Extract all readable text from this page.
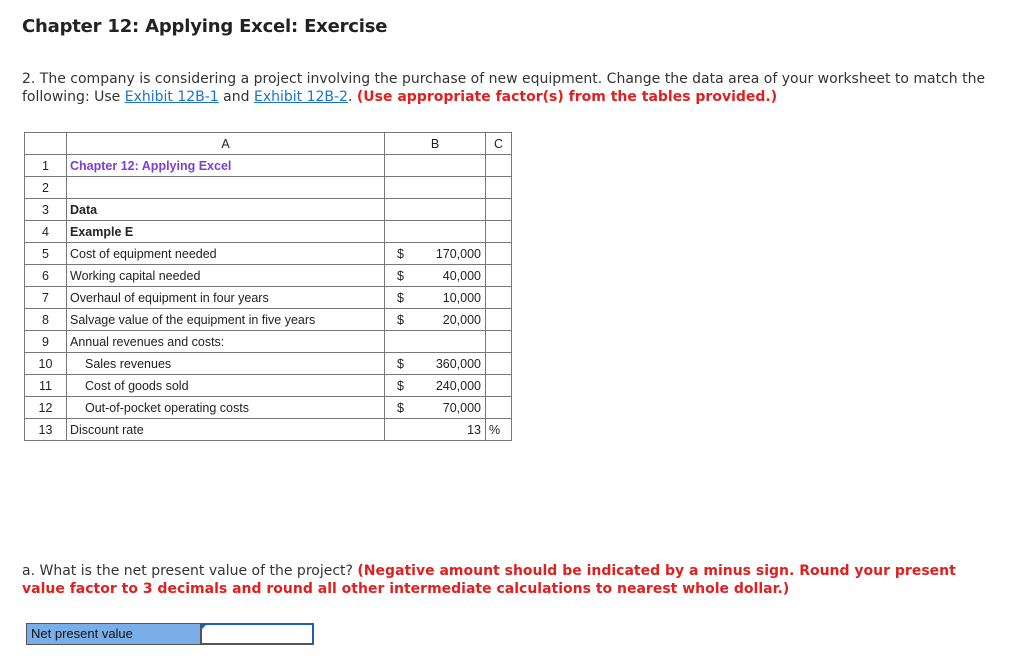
Chapter 12: Applying Excel: Exercise
2. The company is considering a project involving the purchase of new equipment. Change the data area of your worksheet to match the following: Use Exhibit 12B-1 and Exhibit 12B-2. (Use appropriate factor(s) from the tables provided.)
	A	B	C
1	Chapter 12: Applying Excel	

2		

3	Data	

4	Example E	

5	Cost of equipment needed	$ 170,000	

6	Working capital needed	$ 40,000	

7	Overhaul of equipment in four years	$ 10,000	

8	Salvage value of the equipment in five years	$ 20,000	

9	Annual revenues and costs:	

10	Sales revenues	$ 360,000	

11	Cost of goods sold	$ 240,000	

12	Out-of-pocket operating costs	$ 70,000	

13	Discount rate	13	%
a. What is the net present value of the project? (Negative amount should be indicated by a minus sign. Round your present value factor to 3 decimals and round all other intermediate calculations to nearest whole dollar.)
Net present value
